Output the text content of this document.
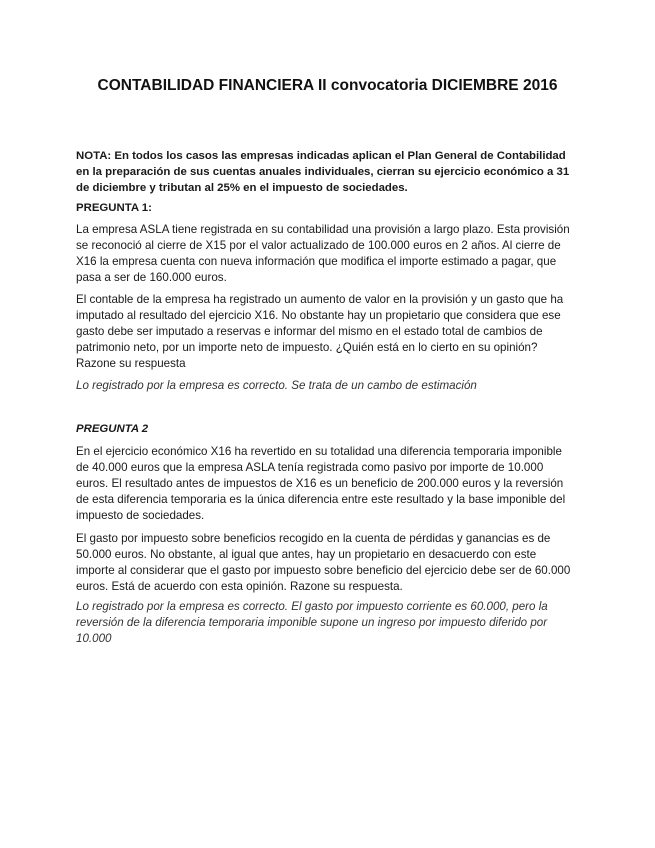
CONTABILIDAD FINANCIERA II convocatoria DICIEMBRE 2016
NOTA: En todos los casos las empresas indicadas aplican el Plan General de Contabilidad en la preparación de sus cuentas anuales individuales, cierran su ejercicio económico a 31 de diciembre y tributan al 25% en el impuesto de sociedades.
PREGUNTA 1:
La empresa ASLA tiene registrada en su contabilidad una provisión a largo plazo. Esta provisión se reconoció al cierre de X15 por el valor actualizado de 100.000 euros en 2 años. Al cierre de X16 la empresa cuenta con nueva información que modifica el importe estimado a pagar, que pasa a ser de 160.000 euros.
El contable de la empresa ha registrado un aumento de valor en la provisión y un gasto que ha imputado al resultado del ejercicio X16. No obstante hay un propietario que considera que ese gasto debe ser imputado a reservas e informar del mismo en el estado total de cambios de patrimonio neto, por un importe neto de impuesto. ¿Quién está en lo cierto en su opinión? Razone su respuesta
Lo registrado por la empresa es correcto. Se trata de un cambo de estimación
PREGUNTA 2
En el ejercicio económico X16 ha revertido en su totalidad una diferencia temporaria imponible de 40.000 euros que la empresa ASLA tenía registrada como pasivo por importe de 10.000 euros. El resultado antes de impuestos de X16 es un beneficio de 200.000 euros y la reversión de esta diferencia temporaria es la única diferencia entre este resultado y la base imponible del impuesto de sociedades.
El gasto por impuesto sobre beneficios recogido en la cuenta de pérdidas y ganancias es de 50.000 euros. No obstante, al igual que antes, hay un propietario en desacuerdo con este importe al considerar que el gasto por impuesto sobre beneficio del ejercicio debe ser de 60.000 euros. Está de acuerdo con esta opinión. Razone su respuesta.
Lo registrado por la empresa es correcto. El gasto por impuesto corriente es 60.000, pero la reversión de la diferencia temporaria imponible supone un ingreso por impuesto diferido por 10.000
